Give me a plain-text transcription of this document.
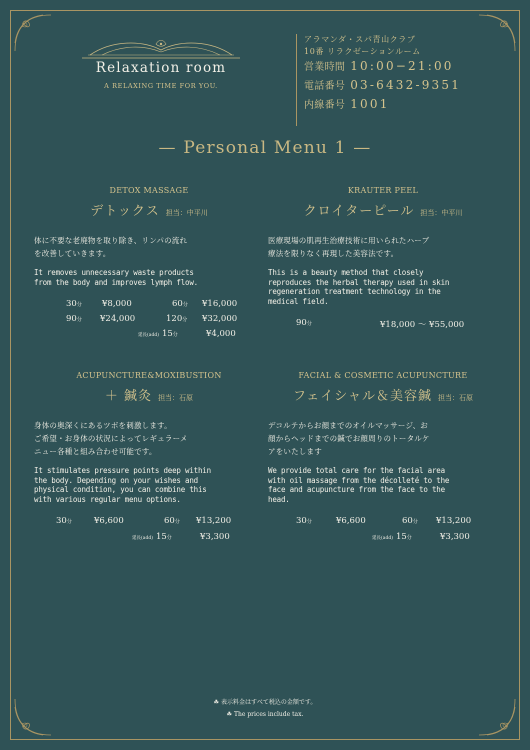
Relaxation room
A RELAXING TIME FOR YOU.
アラマンダ・スパ青山クラブ
10番 リラクゼーションルーム
営業時間 10:00−21:00
電話番号 03-6432-9351
内線番号 1001
— Personal Menu 1 —
DETOX MASSAGE
デトックス 担当：中平川
体に不要な老廃物を取り除き、リンパの流れ
を改善していきます。
It removes unnecessary waste products
from the body and improves lymph flow.
30分 ¥8,000	60分 ¥16,000
90分 ¥24,000	120分 ¥32,000
延長(add) 15分	¥4,000
KRAUTER PEEL
クロイターピール 担当：中平川
医療現場の肌再生治療技術に用いられたハーブ
療法を限りなく再現した美容法です。
This is a beauty method that closely
reproduces the herbal therapy used in skin
regeneration treatment technology in the
medical field.
90分	¥18,000 〜 ¥55,000
ACUPUNCTURE&MOXIBUSTION
＋ 鍼灸 担当：石原
身体の奥深くにあるツボを刺激します。
ご希望・お身体の状況によってレギュラーメ
ニュー各種と組み合わせ可能です。
It stimulates pressure points deep within
the body. Depending on your wishes and
physical condition, you can combine this
with various regular menu options.
30分	¥6,600	60分 ¥13,200
延長(add) 15分	¥3,300
FACIAL & COSMETIC ACUPUNCTURE
フェイシャル＆美容鍼 担当：石原
デコルテからお顔までのオイルマッサージ、お
顔からヘッドまでの鍼でお顔周りのトータルケ
アをいたします
We provide total care for the facial area
with oil massage from the décolleté to the
face and acupuncture from the face to the
head.
30分	¥6,600	60分 ¥13,200
延長(add) 15分	¥3,300
☘ 表示料金はすべて税込の金額です。
☘ The prices include tax.
